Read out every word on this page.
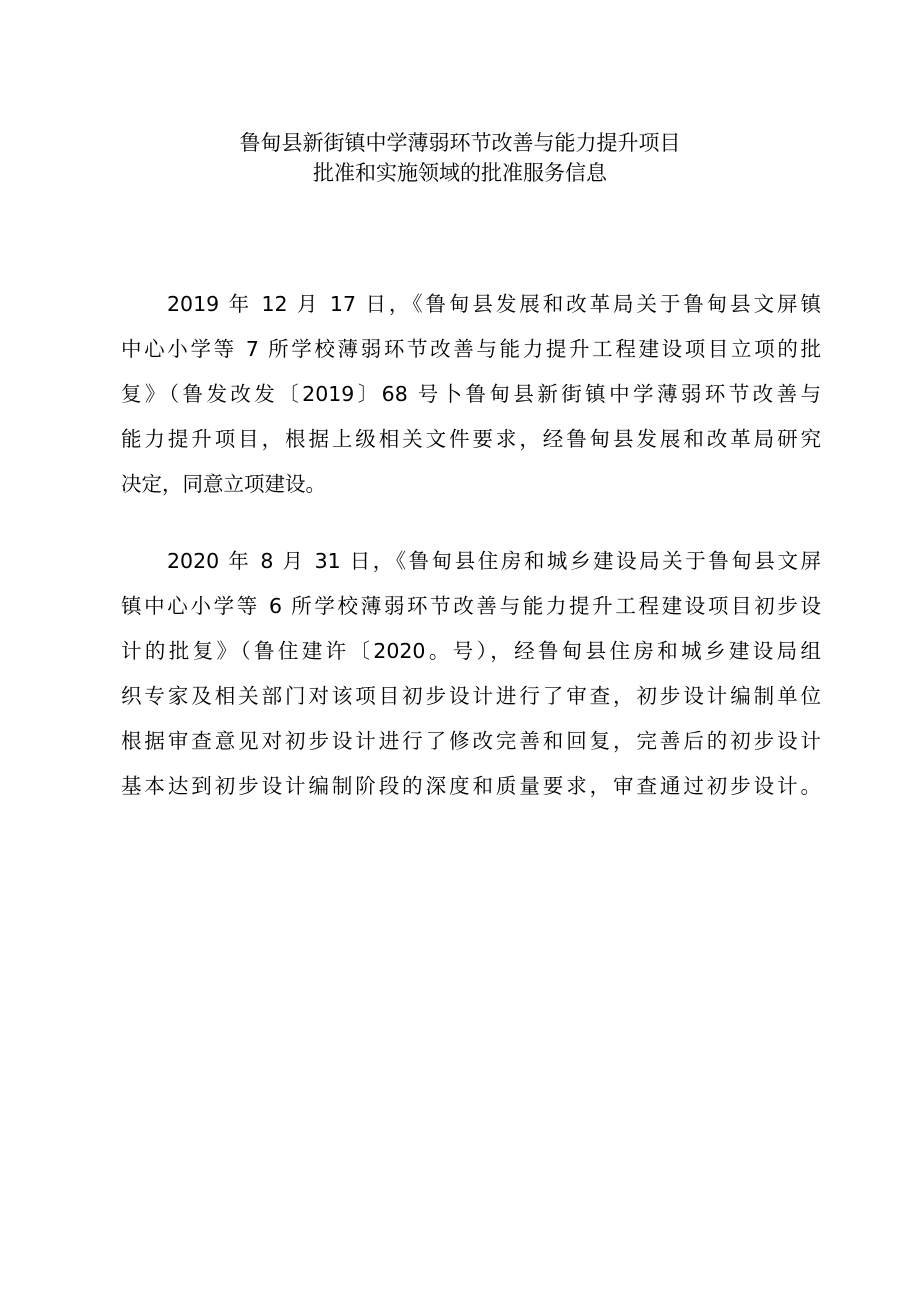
鲁甸县新街镇中学薄弱环节改善与能力提升项目
批准和实施领域的批准服务信息
2019 年 12 月 17 日，《鲁甸县发展和改革局关于鲁甸县文屏镇
中心小学等 7 所学校薄弱环节改善与能力提升工程建设项目立项的批
复》（鲁发改发〔2019〕68 号卜鲁甸县新街镇中学薄弱环节改善与
能力提升项目，根据上级相关文件要求，经鲁甸县发展和改革局研究
决定，同意立项建设。
2020 年 8 月 31 日，《鲁甸县住房和城乡建设局关于鲁甸县文屏
镇中心小学等 6 所学校薄弱环节改善与能力提升工程建设项目初步设
计的批复》（鲁住建许〔2020。号），经鲁甸县住房和城乡建设局组
织专家及相关部门对该项目初步设计进行了审查，初步设计编制单位
根据审查意见对初步设计进行了修改完善和回复，完善后的初步设计
基本达到初步设计编制阶段的深度和质量要求，审查通过初步设计。
